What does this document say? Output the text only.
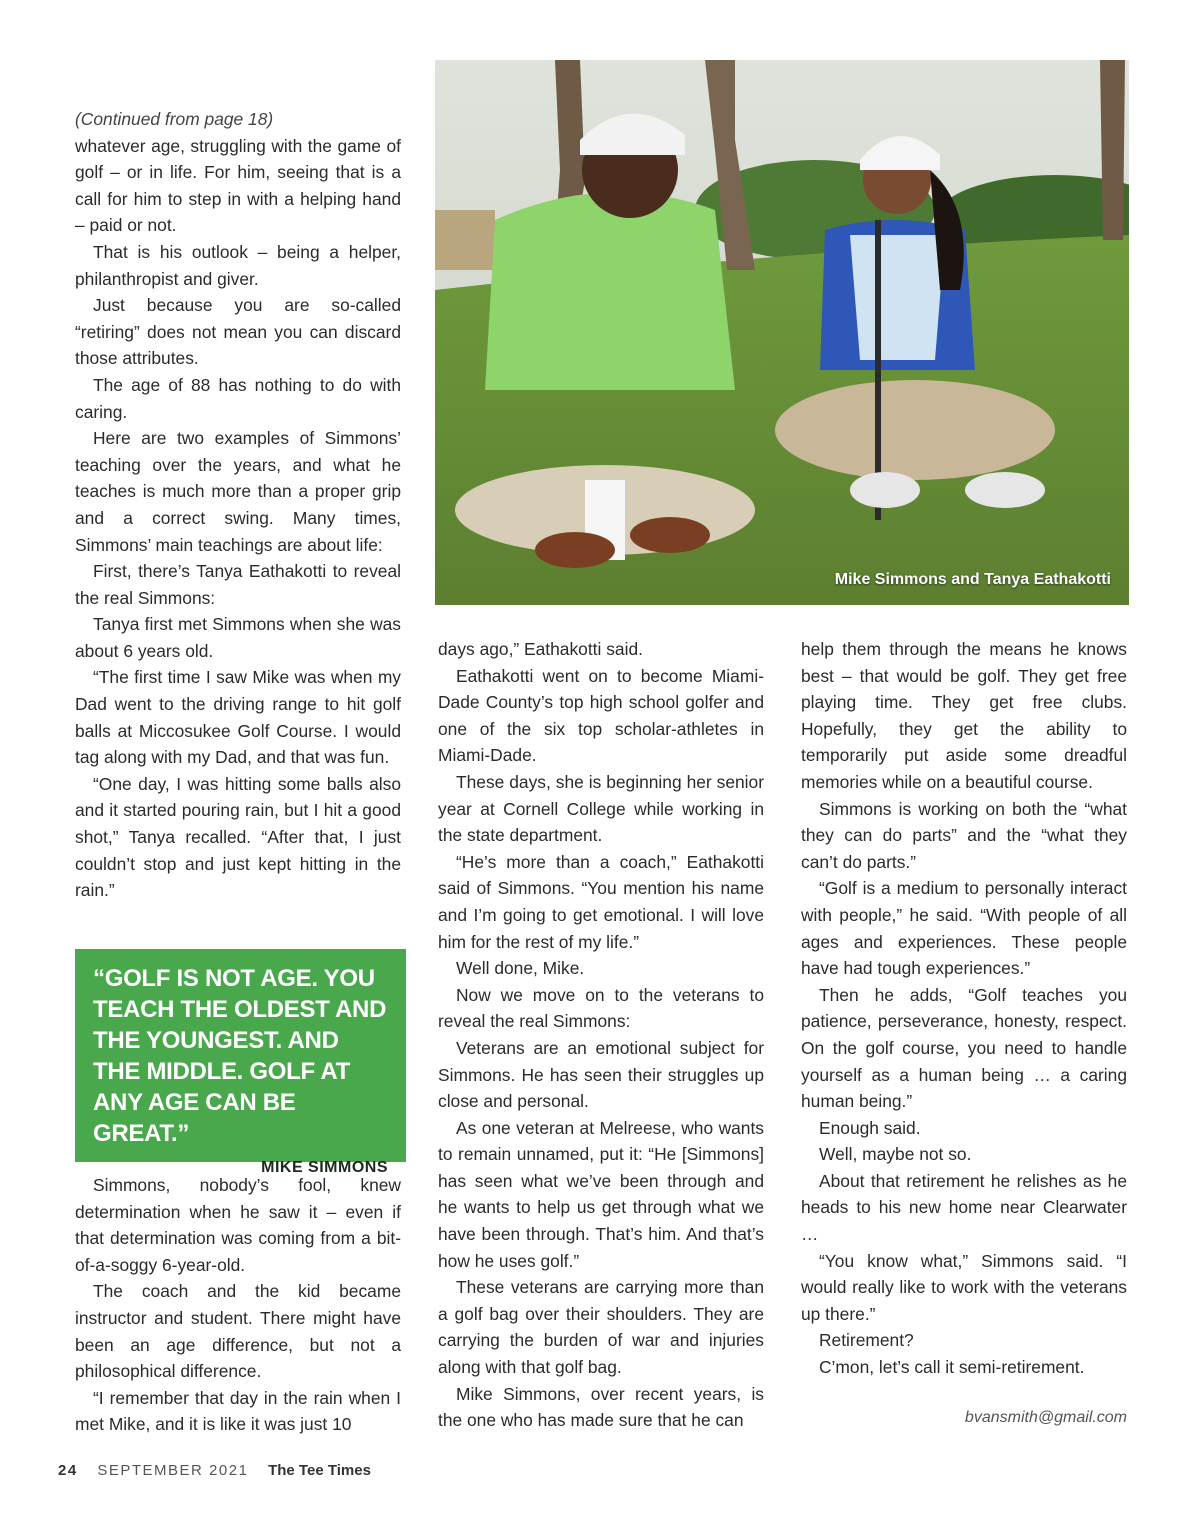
(Continued from page 18)

whatever age, struggling with the game of golf – or in life. For him, seeing that is a call for him to step in with a helping hand – paid or not.

That is his outlook – being a helper, philanthropist and giver.

Just because you are so-called “retiring” does not mean you can discard those attributes.

The age of 88 has nothing to do with caring.

Here are two examples of Simmons’ teaching over the years, and what he teaches is much more than a proper grip and a correct swing. Many times, Simmons’ main teachings are about life:

First, there’s Tanya Eathakotti to reveal the real Simmons:

Tanya first met Simmons when she was about 6 years old.

“The first time I saw Mike was when my Dad went to the driving range to hit golf balls at Miccosukee Golf Course. I would tag along with my Dad, and that was fun.

“One day, I was hitting some balls also and it started pouring rain, but I hit a good shot,” Tanya recalled. “After that, I just couldn’t stop and just kept hitting in the rain.”

“GOLF IS NOT AGE. YOU TEACH THE OLDEST AND THE YOUNGEST. AND THE MIDDLE. GOLF AT ANY AGE CAN BE GREAT.”
MIKE SIMMONS

Simmons, nobody’s fool, knew determination when he saw it – even if that determination was coming from a bit-of-a-soggy 6-year-old.

The coach and the kid became instructor and student. There might have been an age difference, but not a philosophical difference.

“I remember that day in the rain when I met Mike, and it is like it was just 10

Mike Simmons and Tanya Eathakotti

days ago,” Eathakotti said.

Eathakotti went on to become Miami-Dade County’s top high school golfer and one of the six top scholar-athletes in Miami-Dade.

These days, she is beginning her senior year at Cornell College while working in the state department.

“He’s more than a coach,” Eathakotti said of Simmons. “You mention his name and I’m going to get emotional. I will love him for the rest of my life.”

Well done, Mike.

Now we move on to the veterans to reveal the real Simmons:

Veterans are an emotional subject for Simmons. He has seen their struggles up close and personal.

As one veteran at Melreese, who wants to remain unnamed, put it: “He [Simmons] has seen what we’ve been through and he wants to help us get through what we have been through. That’s him. And that’s how he uses golf.”

These veterans are carrying more than a golf bag over their shoulders. They are carrying the burden of war and injuries along with that golf bag.

Mike Simmons, over recent years, is the one who has made sure that he can

help them through the means he knows best – that would be golf. They get free playing time. They get free clubs. Hopefully, they get the ability to temporarily put aside some dreadful memories while on a beautiful course.

Simmons is working on both the “what they can do parts” and the “what they can’t do parts.”

“Golf is a medium to personally interact with people,” he said. “With people of all ages and experiences. These people have had tough experiences.”

Then he adds, “Golf teaches you patience, perseverance, honesty, respect. On the golf course, you need to handle yourself as a human being … a caring human being.”

Enough said.

Well, maybe not so.

About that retirement he relishes as he heads to his new home near Clearwater …

“You know what,” Simmons said. “I would really like to work with the veterans up there.”

Retirement?

C’mon, let’s call it semi-retirement.

bvansmith@gmail.com
24 SEPTEMBER 2021 The Tee Times
